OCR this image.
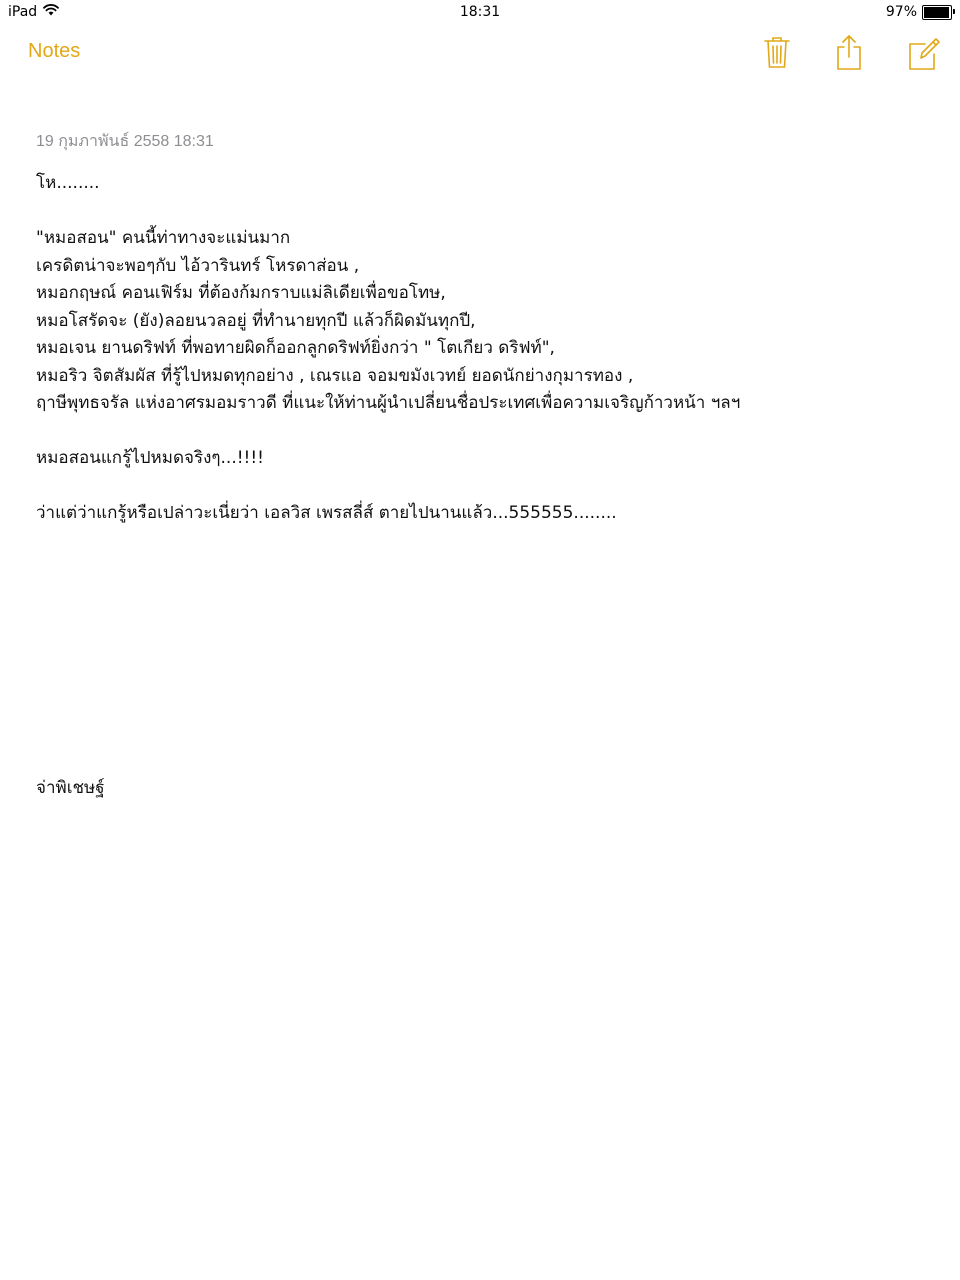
iPad	18:31	97%
Notes
19 กุมภาพันธ์ 2558 18:31
โห........
"หมอสอน" คนนี้ท่าทางจะแม่นมาก
เครดิตน่าจะพอๆกับ ไอ้วารินทร์ โหรดาส่อน ,
หมอกฤษณ์ คอนเฟิร์ม ที่ต้องก้มกราบแม่ลิเดียเพื่อขอโทษ,
หมอโสรัดจะ (ยัง)ลอยนวลอยู่ ที่ทำนายทุกปี แล้วก็ผิดมันทุกปี,
หมอเจน ยานดริฟท์ ที่พอทายผิดก็ออกลูกดริฟท์ยิ่งกว่า " โตเกียว ดริฟท์",
หมอริว จิตสัมผัส ที่รู้ไปหมดทุกอย่าง , เณรแอ จอมขมังเวทย์ ยอดนักย่างกุมารทอง ,
ฤาษีพุทธจรัล แห่งอาศรมอมราวดี ที่แนะให้ท่านผู้นำเปลี่ยนชื่อประเทศเพื่อความเจริญก้าวหน้า ฯลฯ
หมอสอนแกรู้ไปหมดจริงๆ...!!!!
ว่าแต่ว่าแกรู้หรือเปล่าวะเนี่ยว่า เอลวิส เพรสลี่ส์ ตายไปนานแล้ว...555555........
จ่าพิเชษฐ์
